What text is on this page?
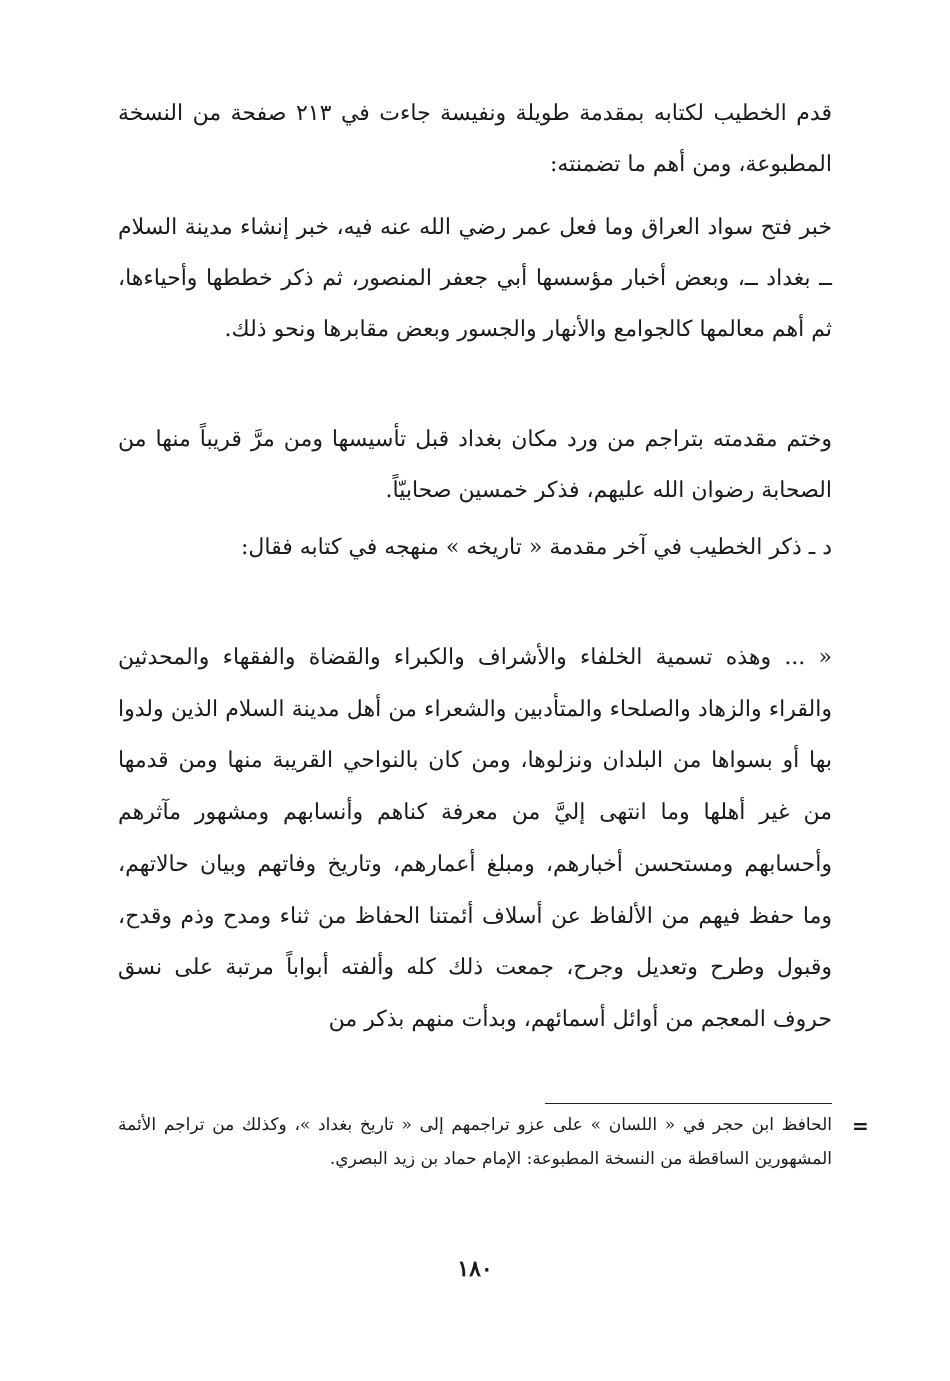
قدم الخطيب لكتابه بمقدمة طويلة ونفيسة جاءت في ٢١٣ صفحة من النسخة المطبوعة، ومن أهم ما تضمنته:

خبر فتح سواد العراق وما فعل عمر رضي الله عنه فيه، خبر إنشاء مدينة السلام ــ بغداد ــ، وبعض أخبار مؤسسها أبي جعفر المنصور، ثم ذكر خططها وأحياءها، ثم أهم معالمها كالجوامع والأنهار والجسور وبعض مقابرها ونحو ذلك.

وختم مقدمته بتراجم من ورد مكان بغداد قبل تأسيسها ومن مرَّ قريباً منها من الصحابة رضوان الله عليهم، فذكر خمسين صحابيّاً.

د ـ ذكر الخطيب في آخر مقدمة « تاريخه » منهجه في كتابه فقال:

« ... وهذه تسمية الخلفاء والأشراف والكبراء والقضاة والفقهاء والمحدثين والقراء والزهاد والصلحاء والمتأدبين والشعراء من أهل مدينة السلام الذين ولدوا بها أو بسواها من البلدان ونزلوها، ومن كان بالنواحي القريبة منها ومن قدمها من غير أهلها وما انتهى إليَّ من معرفة كناهم وأنسابهم ومشهور مآثرهم وأحسابهم ومستحسن أخبارهم، ومبلغ أعمارهم، وتاريخ وفاتهم وبيان حالاتهم، وما حفظ فيهم من الألفاظ عن أسلاف أئمتنا الحفاظ من ثناء ومدح وذم وقدح، وقبول وطرح وتعديل وجرح، جمعت ذلك كله وألفته أبواباً مرتبة على نسق حروف المعجم من أوائل أسمائهم، وبدأت منهم بذكر من

=

الحافظ ابن حجر في « اللسان » على عزو تراجمهم إلى « تاريخ بغداد »، وكذلك من تراجم الأئمة المشهورين الساقطة من النسخة المطبوعة: الإمام حماد بن زيد البصري.

١٨٠
